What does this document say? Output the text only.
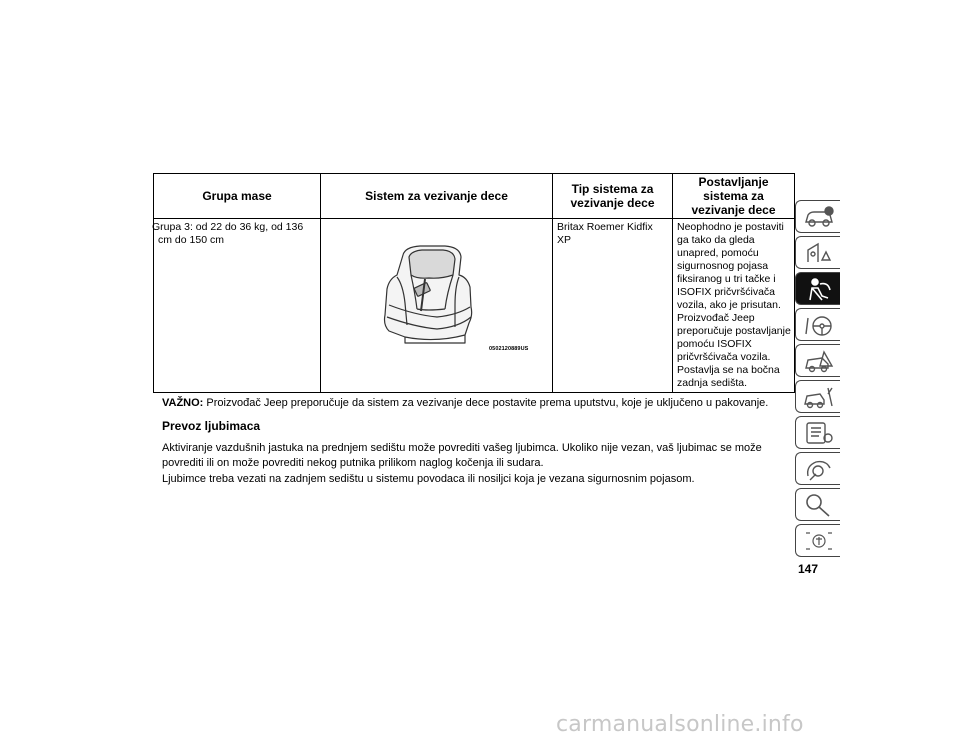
Grupa mase	Sistem za vezivanje dece	Tip sistema za vezivanje dece	Postavljanje sistema za vezivanje dece
Grupa 3: od 22 do 36 kg, od 136 cm do 150 cm	0502120889US	Britax Roemer Kidfix XP	Neophodno je postaviti ga tako da gleda unapred, pomoću sigurnosnog pojasa fiksiranog u tri tačke i ISOFIX pričvršćivača vozila, ako je prisutan. Proizvođač Jeep preporučuje postavljanje pomoću ISOFIX pričvršćivača vozila. Postavlja se na bočna zadnja sedišta.
VAŽNO: Proizvođač Jeep preporučuje da sistem za vezivanje dece postavite prema uputstvu, koje je uključeno u pakovanje.
Prevoz ljubimaca
Aktiviranje vazdušnih jastuka na prednjem sedištu može povrediti vašeg ljubimca. Ukoliko nije vezan, vaš ljubimac se može povrediti ili on može povrediti nekog putnika prilikom naglog kočenja ili sudara.
Ljubimce treba vezati na zadnjem sedištu u sistemu povodaca ili nosiljci koja je vezana sigurnosnim pojasom.
147
carmanualsonline.info
